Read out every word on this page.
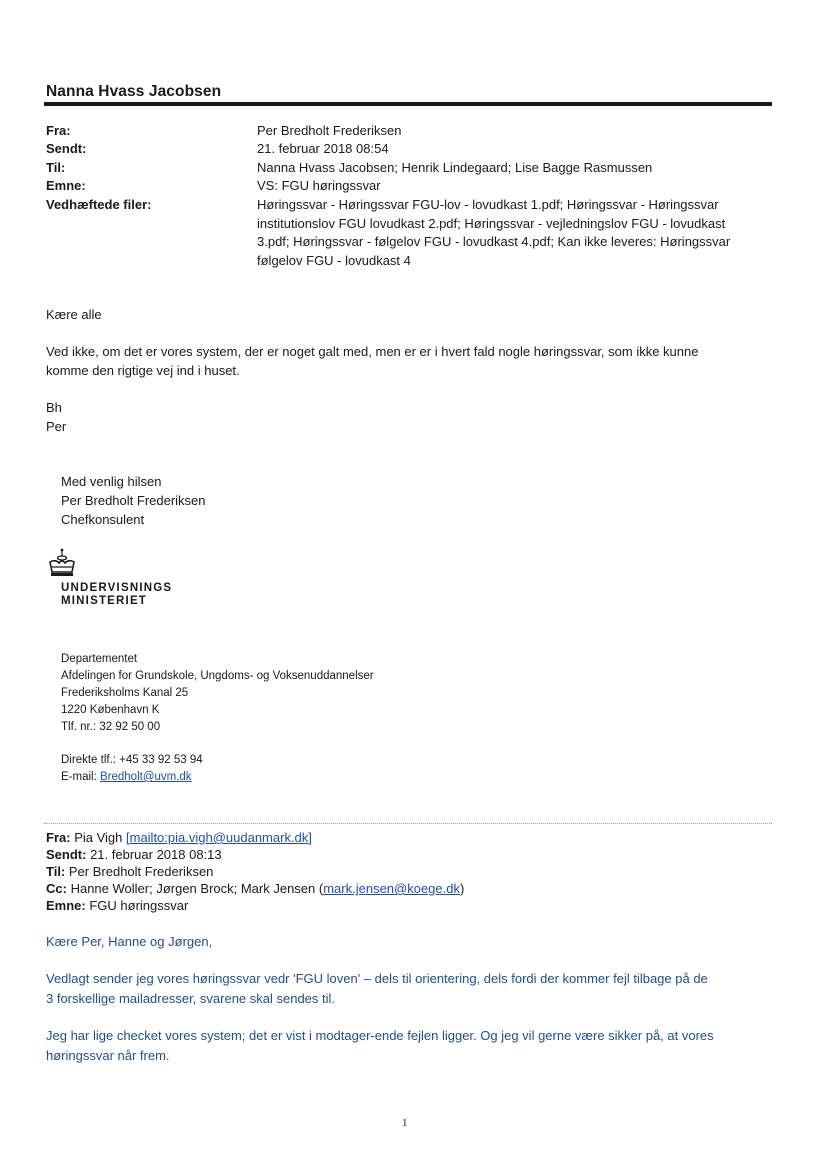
Nanna Hvass Jacobsen
Fra:	Per Bredholt Frederiksen
Sendt:	21. februar 2018 08:54
Til:	Nanna Hvass Jacobsen; Henrik Lindegaard; Lise Bagge Rasmussen
Emne:	VS: FGU høringssvar
Vedhæftede filer:	Høringssvar - Høringssvar FGU-lov - lovudkast 1.pdf; Høringssvar - Høringssvar
institutionslov FGU lovudkast 2.pdf; Høringssvar - vejledningslov FGU - lovudkast
3.pdf; Høringssvar - følgelov FGU - lovudkast 4.pdf; Kan ikke leveres: Høringssvar
følgelov FGU - lovudkast 4
Kære alle
Ved ikke, om det er vores system, der er noget galt med, men er er i hvert fald nogle høringssvar, som ikke kunne
komme den rigtige vej ind i huset.
Bh
Per
Med venlig hilsen
Per Bredholt Frederiksen
Chefkonsulent
UNDERVISNINGS
MINISTERIET
Departementet
Afdelingen for Grundskole, Ungdoms- og Voksenuddannelser
Frederiksholms Kanal 25
1220 København K
Tlf. nr.: 32 92 50 00
Direkte tlf.: +45 33 92 53 94
E-mail: Bredholt@uvm.dk
Fra: Pia Vigh [mailto:pia.vigh@uudanmark.dk]
Sendt: 21. februar 2018 08:13
Til: Per Bredholt Frederiksen
Cc: Hanne Woller; Jørgen Brock; Mark Jensen (mark.jensen@koege.dk)
Emne: FGU høringssvar
Kære Per, Hanne og Jørgen,
Vedlagt sender jeg vores høringssvar vedr 'FGU loven' – dels til orientering, dels fordi der kommer fejl tilbage på de
3 forskellige mailadresser, svarene skal sendes til.
Jeg har lige checket vores system; det er vist i modtager-ende fejlen ligger. Og jeg vil gerne være sikker på, at vores
høringssvar når frem.
1
